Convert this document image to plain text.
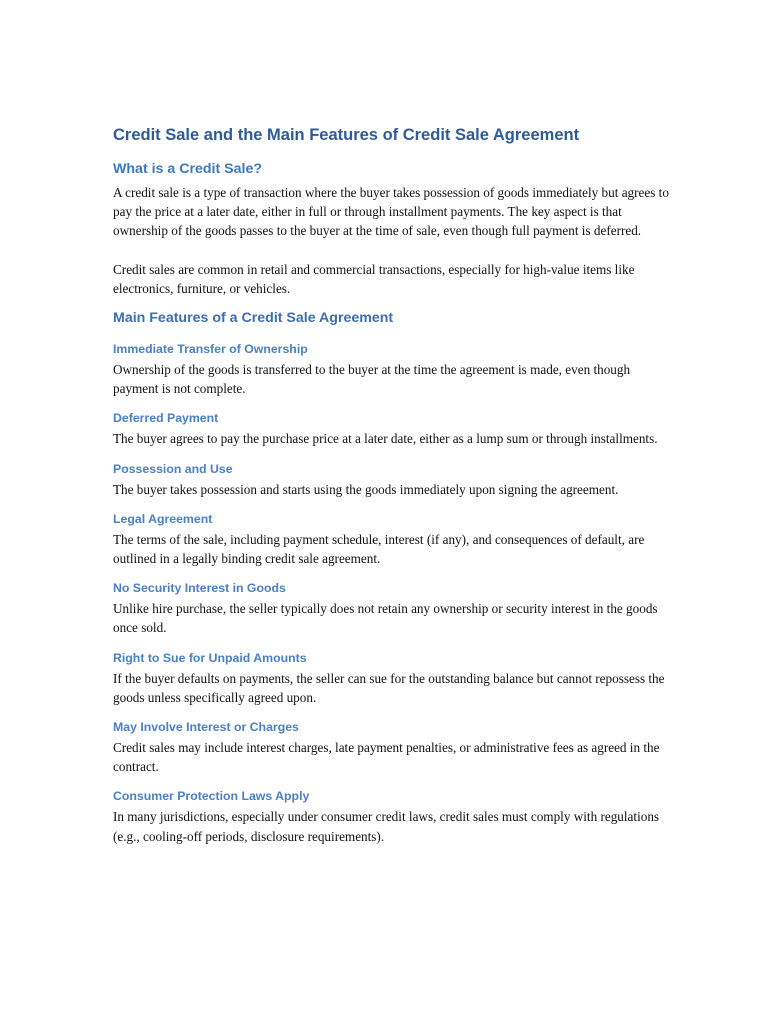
Credit Sale and the Main Features of Credit Sale Agreement
What is a Credit Sale?

A credit sale is a type of transaction where the buyer takes possession of goods immediately but agrees to pay the price at a later date, either in full or through installment payments. The key aspect is that ownership of the goods passes to the buyer at the time of sale, even though full payment is deferred.

Credit sales are common in retail and commercial transactions, especially for high-value items like electronics, furniture, or vehicles.

Main Features of a Credit Sale Agreement
Immediate Transfer of Ownership

Ownership of the goods is transferred to the buyer at the time the agreement is made, even though payment is not complete.

Deferred Payment

The buyer agrees to pay the purchase price at a later date, either as a lump sum or through installments.

Possession and Use

The buyer takes possession and starts using the goods immediately upon signing the agreement.

Legal Agreement

The terms of the sale, including payment schedule, interest (if any), and consequences of default, are outlined in a legally binding credit sale agreement.

No Security Interest in Goods

Unlike hire purchase, the seller typically does not retain any ownership or security interest in the goods once sold.

Right to Sue for Unpaid Amounts

If the buyer defaults on payments, the seller can sue for the outstanding balance but cannot repossess the goods unless specifically agreed upon.

May Involve Interest or Charges

Credit sales may include interest charges, late payment penalties, or administrative fees as agreed in the contract.

Consumer Protection Laws Apply

In many jurisdictions, especially under consumer credit laws, credit sales must comply with regulations (e.g., cooling-off periods, disclosure requirements).
